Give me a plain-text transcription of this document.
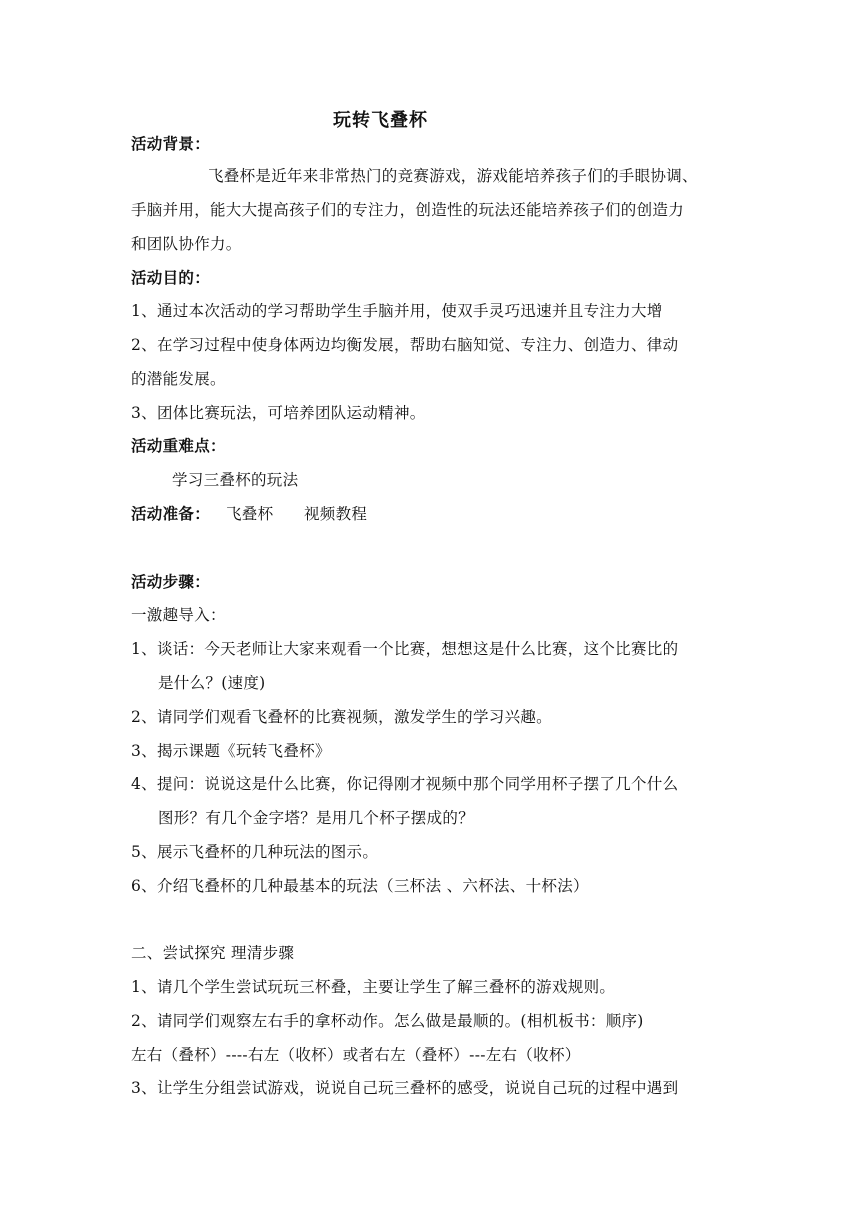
玩转飞叠杯
活动背景：
飞叠杯是近年来非常热门的竞赛游戏，游戏能培养孩子们的手眼协调、
手脑并用，能大大提高孩子们的专注力，创造性的玩法还能培养孩子们的创造力
和团队协作力。
活动目的：
1、通过本次活动的学习帮助学生手脑并用，使双手灵巧迅速并且专注力大增
2、在学习过程中使身体两边均衡发展，帮助右脑知觉、专注力、创造力、律动
的潜能发展。
3、团体比赛玩法，可培养团队运动精神。
活动重难点：
学习三叠杯的玩法
活动准备： 飞叠杯 视频教程
活动步骤：
一激趣导入：
1、谈话：今天老师让大家来观看一个比赛，想想这是什么比赛，这个比赛比的
是什么？(速度)
2、请同学们观看飞叠杯的比赛视频，激发学生的学习兴趣。
3、揭示课题《玩转飞叠杯》
4、提问：说说这是什么比赛，你记得刚才视频中那个同学用杯子摆了几个什么
图形？有几个金字塔？是用几个杯子摆成的？
5、展示飞叠杯的几种玩法的图示。
6、介绍飞叠杯的几种最基本的玩法（三杯法 、六杯法、十杯法）
二、尝试探究 理清步骤
1、请几个学生尝试玩玩三杯叠，主要让学生了解三叠杯的游戏规则。
2、请同学们观察左右手的拿杯动作。怎么做是最顺的。(相机板书：顺序)
左右（叠杯）----右左（收杯）或者右左（叠杯）---左右（收杯）
3、让学生分组尝试游戏，说说自己玩三叠杯的感受，说说自己玩的过程中遇到
